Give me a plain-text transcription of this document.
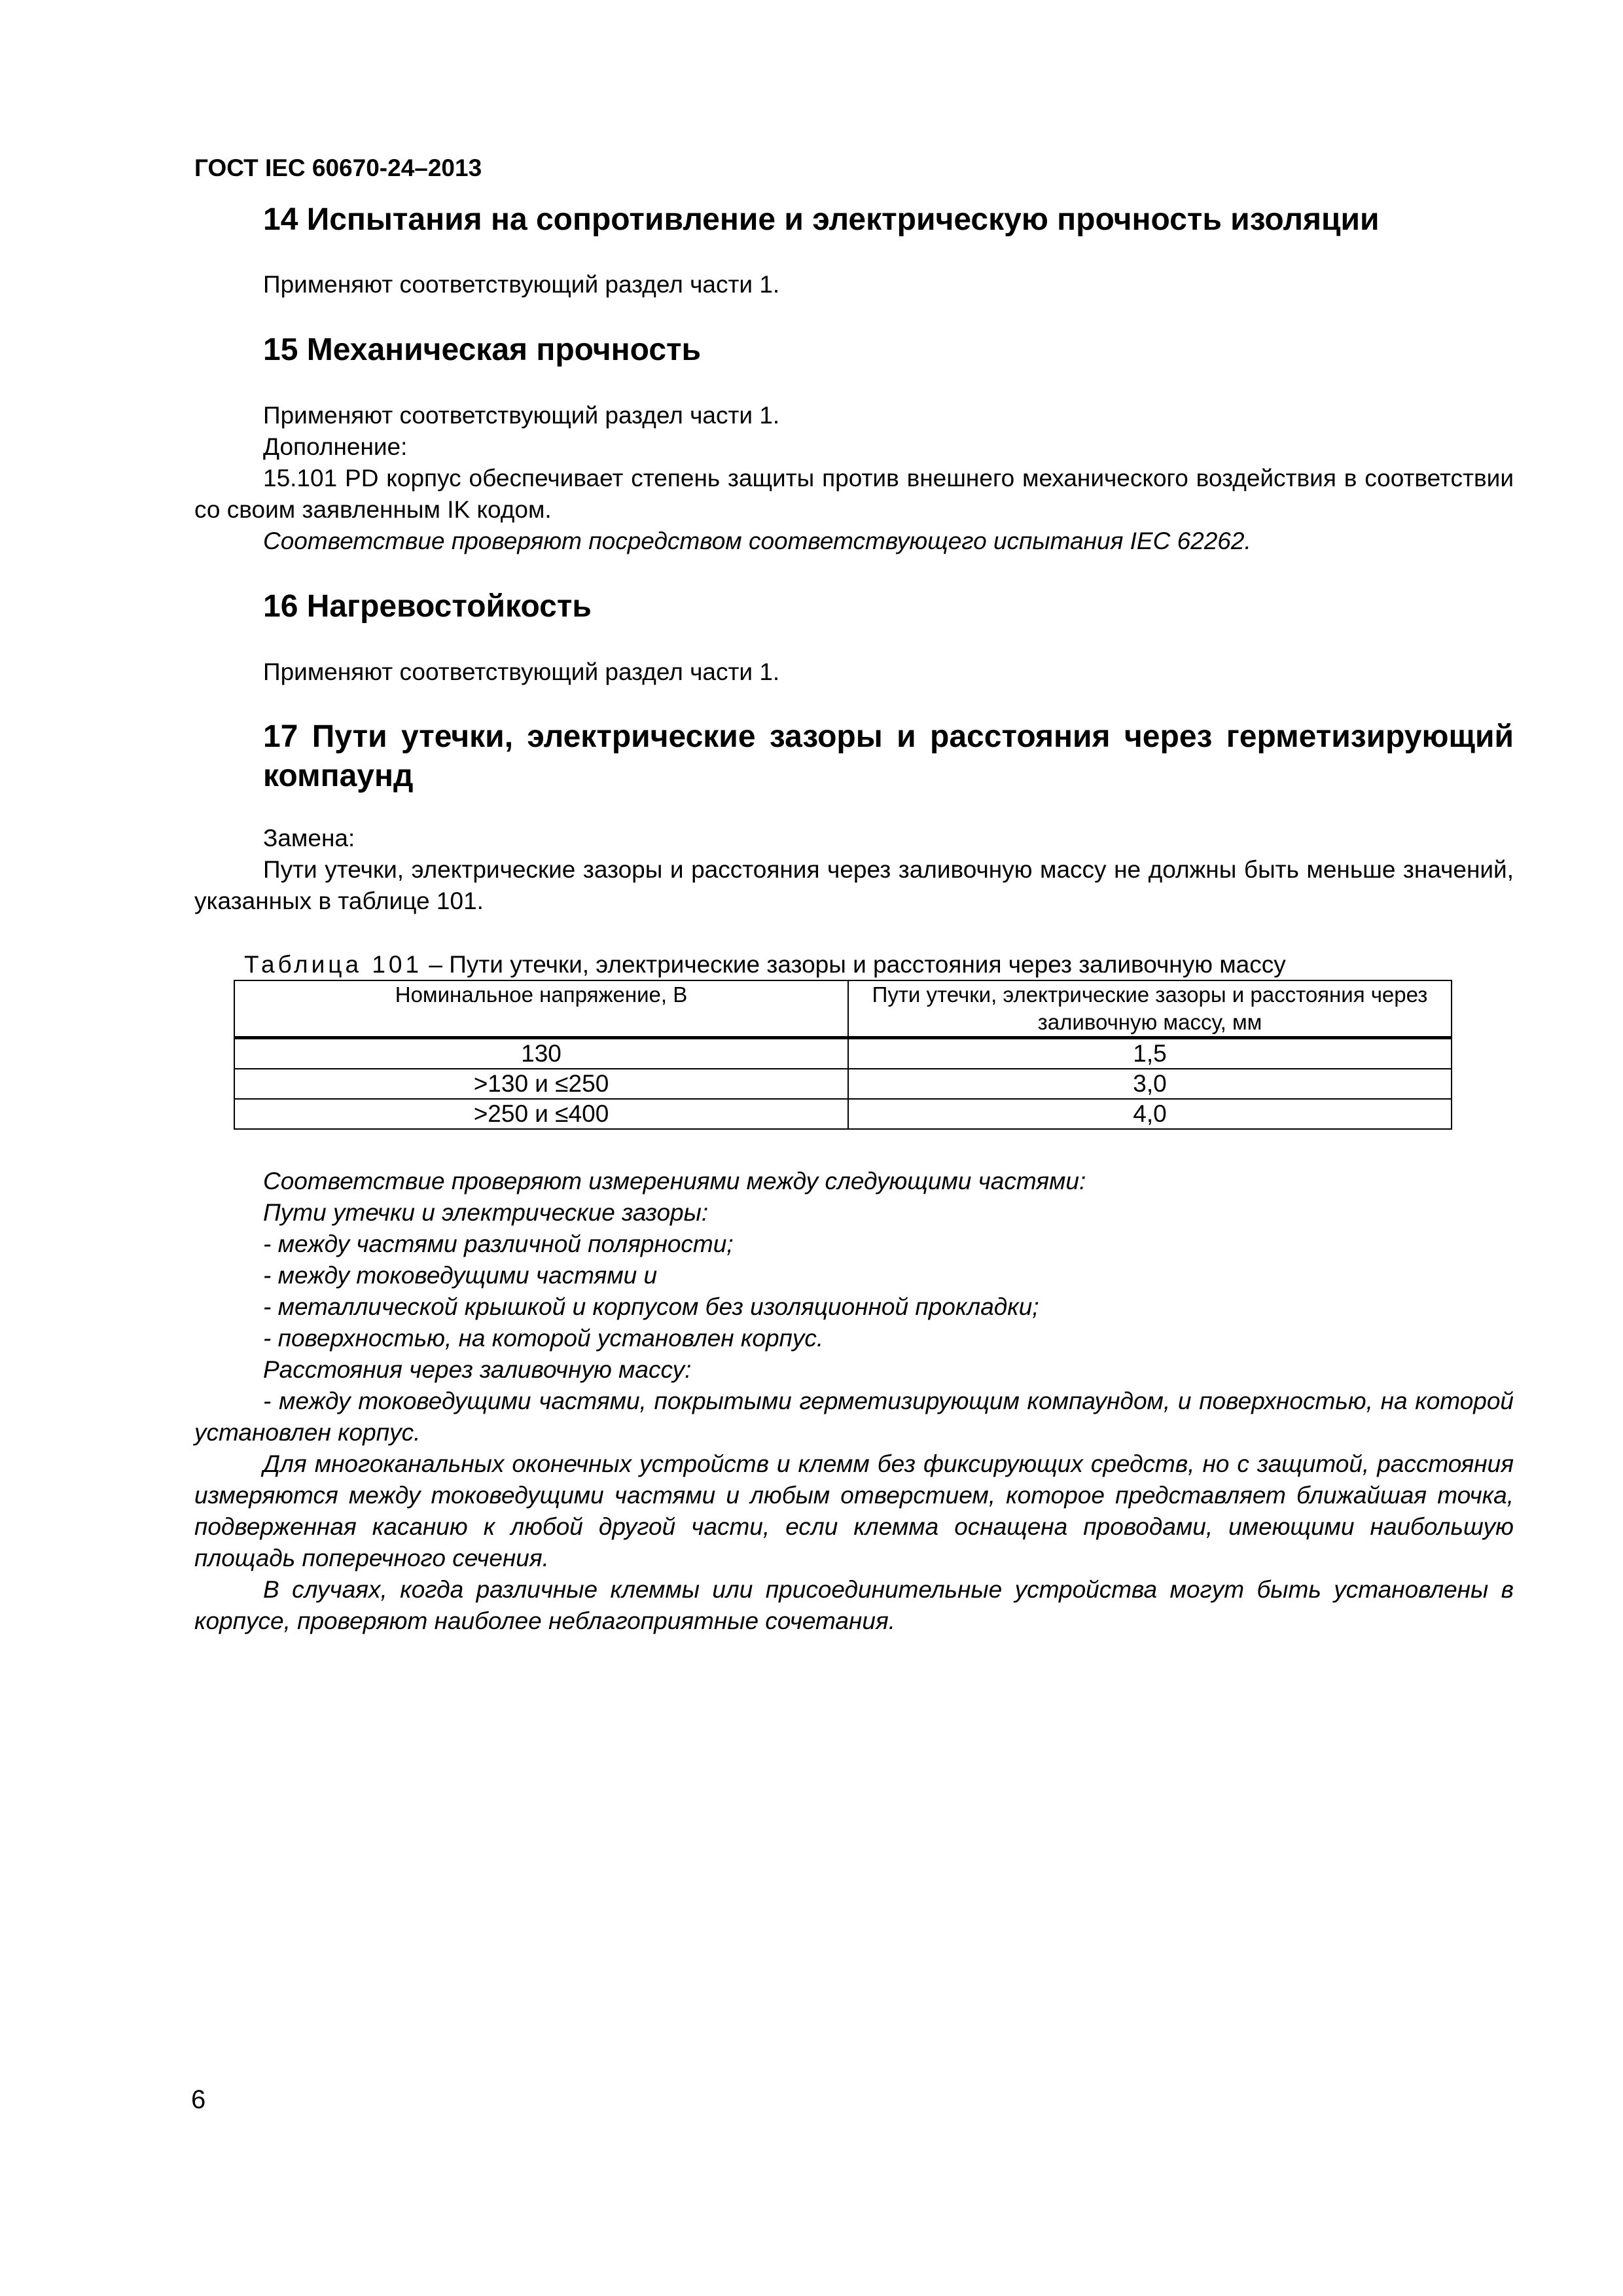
ГОСТ IEC 60670-24–2013
14 Испытания на сопротивление и электрическую прочность изоляции
Применяют соответствующий раздел части 1.
15 Механическая прочность
Применяют соответствующий раздел части 1.
Дополнение:
15.101 PD корпус обеспечивает степень защиты против внешнего механического воздействия в соответствии со своим заявленным IK кодом.
Соответствие проверяют посредством соответствующего испытания IEC 62262.
16 Нагревостойкость
Применяют соответствующий раздел части 1.
17 Пути утечки, электрические зазоры и расстояния через герметизирующий компаунд
Замена:
Пути утечки, электрические зазоры и расстояния через заливочную массу не должны быть меньше значений, указанных в таблице 101.
Таблица 101 – Пути утечки, электрические зазоры и расстояния через заливочную массу
Номинальное напряжение, В	Пути утечки, электрические зазоры и расстояния через заливочную массу, мм
130	1,5
>130 и ≤250	3,0
>250 и ≤400	4,0
Соответствие проверяют измерениями между следующими частями:
Пути утечки и электрические зазоры:
- между частями различной полярности;
- между токоведущими частями и
- металлической крышкой и корпусом без изоляционной прокладки;
- поверхностью, на которой установлен корпус.
Расстояния через заливочную массу:
- между токоведущими частями, покрытыми герметизирующим компаундом, и поверхностью, на которой установлен корпус.
Для многоканальных оконечных устройств и клемм без фиксирующих средств, но с защитой, расстояния измеряются между токоведущими частями и любым отверстием, которое представляет ближайшая точка, подверженная касанию к любой другой части, если клемма оснащена проводами, имеющими наибольшую площадь поперечного сечения.
В случаях, когда различные клеммы или присоединительные устройства могут быть установлены в корпусе, проверяют наиболее неблагоприятные сочетания.
6
